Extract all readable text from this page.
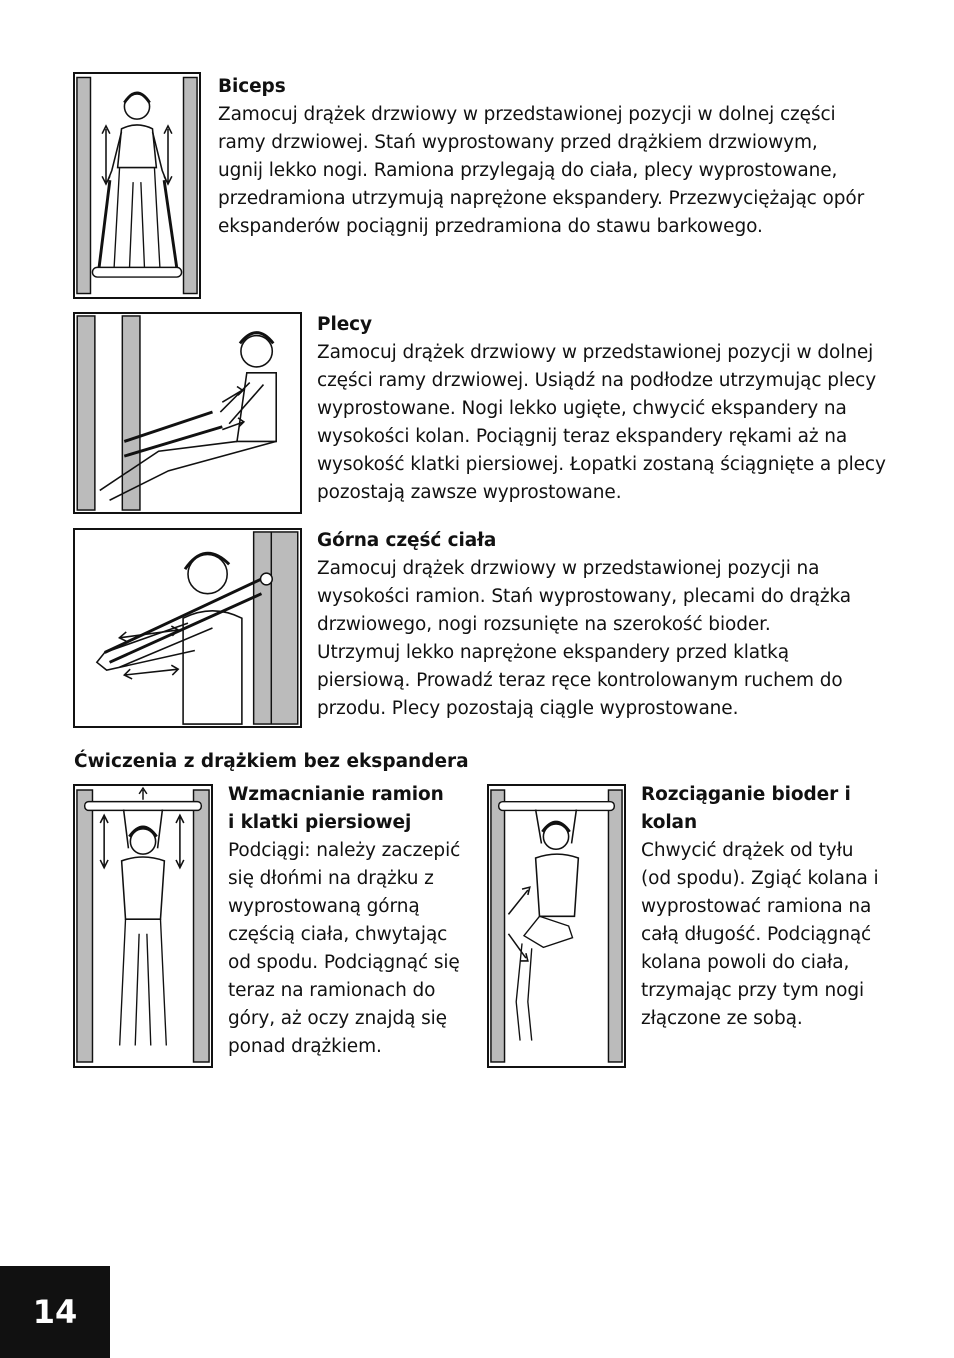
Biceps

Zamocuj drążek drzwiowy w przedstawionej pozycji w dolnej części

ramy drzwiowej. Stań wyprostowany przed drążkiem drzwiowym,

ugnij lekko nogi. Ramiona przylegają do ciała, plecy wyprostowane,

przedramiona utrzymują naprężone ekspandery. Przezwyciężając opór

ekspanderów pociągnij przedramiona do stawu barkowego.

Plecy

Zamocuj drążek drzwiowy w przedstawionej pozycji w dolnej

części ramy drzwiowej. Usiądź na podłodze utrzymując plecy

wyprostowane. Nogi lekko ugięte, chwycić ekspandery na

wysokości kolan. Pociągnij teraz ekspandery rękami aż na

wysokość klatki piersiowej. Łopatki zostaną ściągnięte a plecy

pozostają zawsze wyprostowane.

Górna część ciała

Zamocuj drążek drzwiowy w przedstawionej pozycji na

wysokości ramion. Stań wyprostowany, plecami do drążka

drzwiowego, nogi rozsunięte na szerokość bioder.

Utrzymuj lekko naprężone ekspandery przed klatką

piersiową. Prowadź teraz ręce kontrolowanym ruchem do

przodu. Plecy pozostają ciągle wyprostowane.

Ćwiczenia z drążkiem bez ekspandera
Wzmacnianie ramion
i klatki piersiowej

Podciągi: należy zaczepić

się dłońmi na drążku z

wyprostowaną górną

częścią ciała, chwytając

od spodu. Podciągnąć się

teraz na ramionach do

góry, aż oczy znajdą się

ponad drążkiem.

Rozciąganie bioder i
kolan

Chwycić drążek od tyłu

(od spodu). Zgiąć kolana i

wyprostować ramiona na

całą długość. Podciągnąć

kolana powoli do ciała,

trzymając przy tym nogi

złączone ze sobą.

14
